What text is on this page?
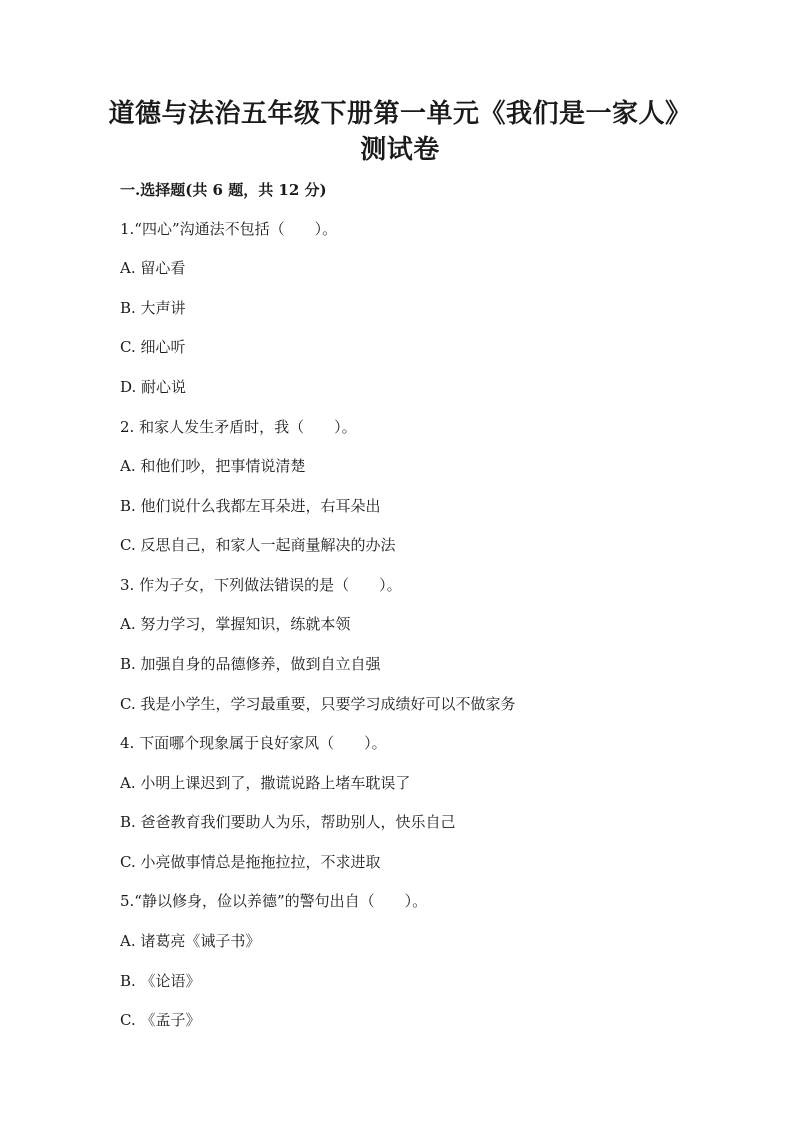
道德与法治五年级下册第一单元《我们是一家人》
测试卷
一.选择题(共 6 题，共 12 分)
1.“四心”沟通法不包括（　　）。
A. 留心看
B. 大声讲
C. 细心听
D. 耐心说
2. 和家人发生矛盾时，我（　　）。
A. 和他们吵，把事情说清楚
B. 他们说什么我都左耳朵进，右耳朵出
C. 反思自己，和家人一起商量解决的办法
3. 作为子女，下列做法错误的是（　　）。
A. 努力学习，掌握知识，练就本领
B. 加强自身的品德修养，做到自立自强
C. 我是小学生，学习最重要，只要学习成绩好可以不做家务
4. 下面哪个现象属于良好家风（　　）。
A. 小明上课迟到了，撒谎说路上堵车耽误了
B. 爸爸教育我们要助人为乐，帮助别人，快乐自己
C. 小亮做事情总是拖拖拉拉，不求进取
5.“静以修身，俭以养德”的警句出自（　　）。
A. 诸葛亮《诫子书》
B. 《论语》
C. 《孟子》
